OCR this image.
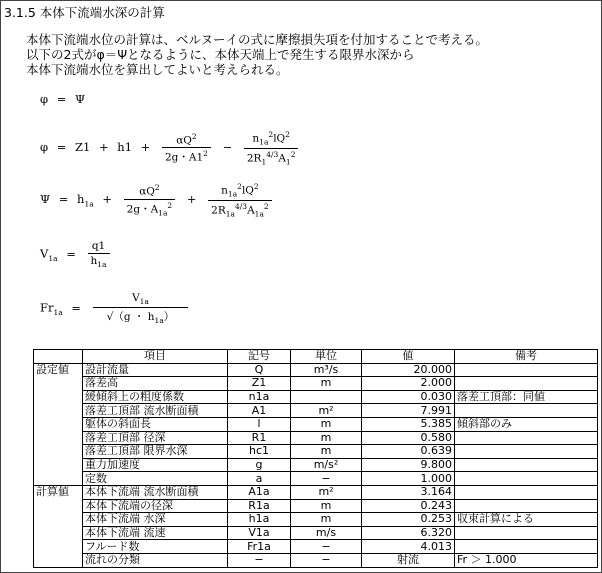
3.1.5 本体下流端水深の計算
本体下流端水位の計算は、ベルヌーイの式に摩擦損失項を付加することで考える。
以下の2式がφ＝Ψとなるように、本体天端上で発生する限界水深から
本体下流端水位を算出してよいと考えられる。
φ = Ψ
$\varphi = Z1 + h1 + \frac{\alpha Q^2}{2g・A1^2} - \frac{n_{1a}^2lQ^2}{2R_1^{4/3}A_1^2}$
$\Psi = h_{1a} + \frac{\alpha Q^2}{2g・A_{1a}^2} + \frac{n_{1a}^2lQ^2}{2R_{1a}^{4/3}A_{1a}^2}$
$V_{1a} = \frac{q1}{h_{1a}}$
$Fr_{1a} = \frac{V_{1a}}{√(g ・ h_{1a})}$
	項目	記号	単位	値	備考
設定値	設計流量	Q	m³/s	20.000	
	落差高	Z1	m	2.000	
	緩傾斜上の粗度係数	n1a		0.030	落差工頂部：同値
	落差工頂部 流水断面積	A1	m²	7.991	
	躯体の斜面長	l	m	5.385	傾斜部のみ
	落差工頂部 径深	R1	m	0.580	
	落差工頂部 限界水深	hc1	m	0.639	
	重力加速度	g	m/s²	9.800	
	定数	a	−	1.000	
計算値	本体下流端 流水断面積	A1a	m²	3.164	
	本体下流端の径深	R1a	m	0.243	
	本体下流端 水深	h1a	m	0.253	収束計算による
	本体下流端 流速	V1a	m/s	6.320	
	フルード数	Fr1a	−	4.013	
	流れの分類	−	−	射流	Fr ＞ 1.000
